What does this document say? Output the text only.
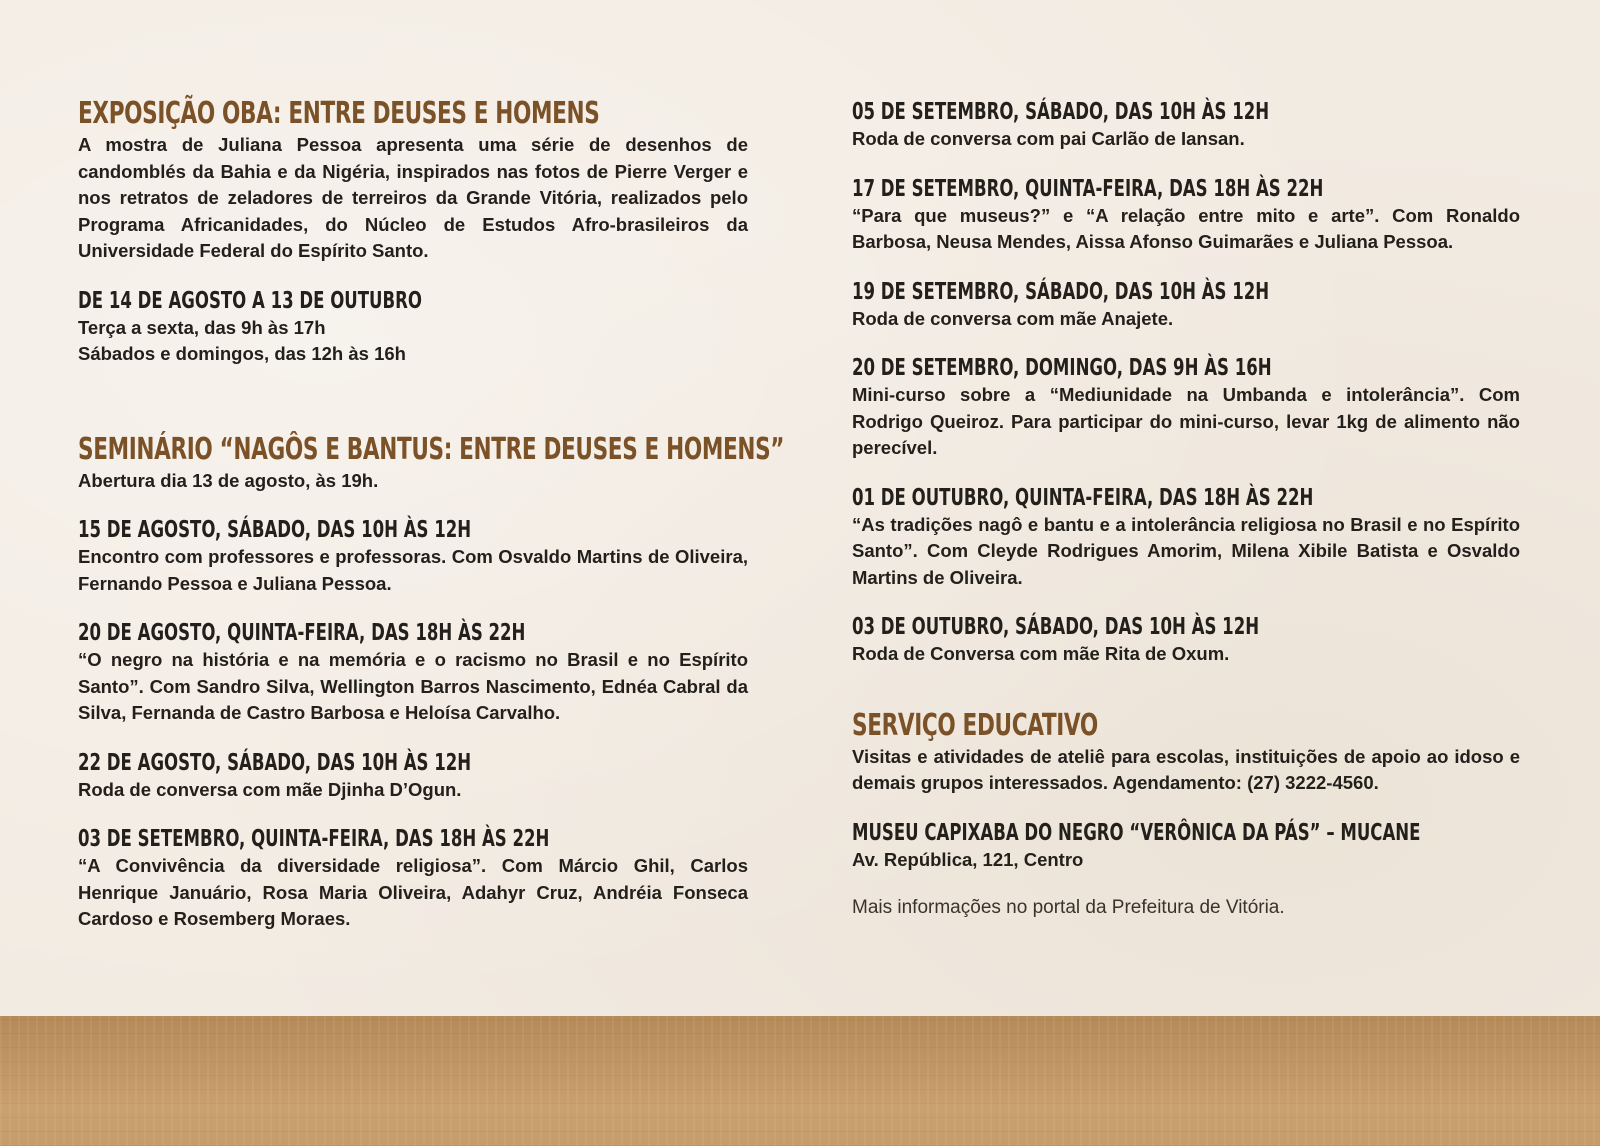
EXPOSIÇÃO OBA: ENTRE DEUSES E HOMENS

A mostra de Juliana Pessoa apresenta uma série de desenhos de candomblés da Bahia e da Nigéria, inspirados nas fotos de Pierre Verger e nos retratos de zeladores de terreiros da Grande Vitória, realizados pelo Programa Africanidades, do Núcleo de Estudos Afro-brasileiros da Universidade Federal do Espírito Santo.

DE 14 DE AGOSTO A 13 DE OUTUBRO

Terça a sexta, das 9h às 17h

Sábados e domingos, das 12h às 16h

SEMINÁRIO “NAGÔS E BANTUS: ENTRE DEUSES E HOMENS”

Abertura dia 13 de agosto, às 19h.

15 DE AGOSTO, SÁBADO, DAS 10H ÀS 12H

Encontro com professores e professoras. Com Osvaldo Martins de Oliveira, Fernando Pessoa e Juliana Pessoa.

20 DE AGOSTO, QUINTA-FEIRA, DAS 18H ÀS 22H

“O negro na história e na memória e o racismo no Brasil e no Espírito Santo”. Com Sandro Silva, Wellington Barros Nascimento, Ednéa Cabral da Silva, Fernanda de Castro Barbosa e Heloísa Carvalho.

22 DE AGOSTO, SÁBADO, DAS 10H ÀS 12H

Roda de conversa com mãe Djinha D’Ogun.

03 DE SETEMBRO, QUINTA-FEIRA, DAS 18H ÀS 22H

“A Convivência da diversidade religiosa”. Com Márcio Ghil, Carlos Henrique Januário, Rosa Maria Oliveira, Adahyr Cruz, Andréia Fonseca Cardoso e Rosemberg Moraes.

05 DE SETEMBRO, SÁBADO, DAS 10H ÀS 12H

Roda de conversa com pai Carlão de Iansan.

17 DE SETEMBRO, QUINTA-FEIRA, DAS 18H ÀS 22H

“Para que museus?” e “A relação entre mito e arte”. Com Ronaldo Barbosa, Neusa Mendes, Aissa Afonso Guimarães e Juliana Pessoa.

19 DE SETEMBRO, SÁBADO, DAS 10H ÀS 12H

Roda de conversa com mãe Anajete.

20 DE SETEMBRO, DOMINGO, DAS 9H ÀS 16H

Mini-curso sobre a “Mediunidade na Umbanda e intolerância”. Com Rodrigo Queiroz. Para participar do mini-curso, levar 1kg de alimento não perecível.

01 DE OUTUBRO, QUINTA-FEIRA, DAS 18H ÀS 22H

“As tradições nagô e bantu e a intolerância religiosa no Brasil e no Espírito Santo”. Com Cleyde Rodrigues Amorim, Milena Xibile Batista e Osvaldo Martins de Oliveira.

03 DE OUTUBRO, SÁBADO, DAS 10H ÀS 12H

Roda de Conversa com mãe Rita de Oxum.

SERVIÇO EDUCATIVO

Visitas e atividades de ateliê para escolas, instituições de apoio ao idoso e demais grupos interessados. Agendamento: (27) 3222-4560.

MUSEU CAPIXABA DO NEGRO “VERÔNICA DA PÁS” – MUCANE

Av. República, 121, Centro

Mais informações no portal da Prefeitura de Vitória.
